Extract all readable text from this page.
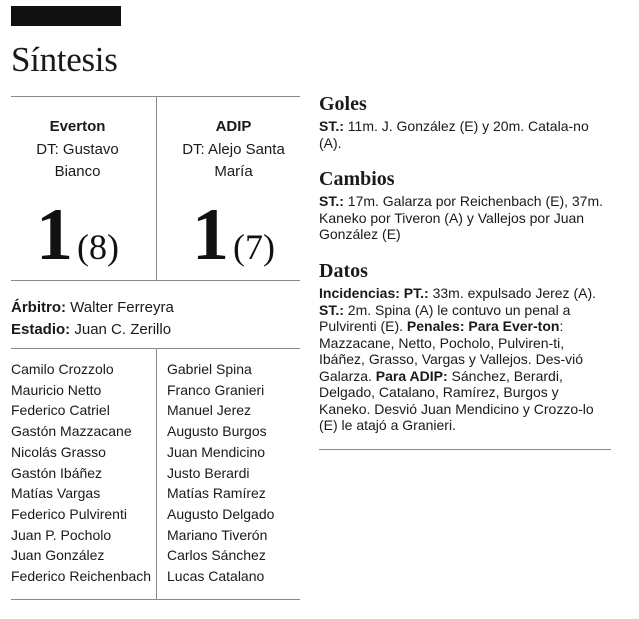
Síntesis
Everton
DT: Gustavo Bianco
ADIP
DT: Alejo Santa María
1 (8) 1 (7)
Árbitro: Walter Ferreyra
Estadio: Juan C. Zerillo
Camilo Crozzolo
Mauricio Netto
Federico Catriel
Gastón Mazzacane
Nicolás Grasso
Gastón Ibáñez
Matías Vargas
Federico Pulvirenti
Juan P. Pocholo
Juan González
Federico Reichenbach
Gabriel Spina
Franco Granieri
Manuel Jerez
Augusto Burgos
Juan Mendicino
Justo Berardi
Matías Ramírez
Augusto Delgado
Mariano Tiverón
Carlos Sánchez
Lucas Catalano
Goles

ST.: 11m. J. González (E) y 20m. Catala-no (A).

Cambios

ST.: 17m. Galarza por Reichenbach (E), 37m. Kaneko por Tiveron (A) y Vallejos por Juan González (E)

Datos

Incidencias: PT.: 33m. expulsado Jerez (A). ST.: 2m. Spina (A) le contuvo un penal a Pulvirenti (E). Penales: Para Ever-ton: Mazzacane, Netto, Pocholo, Pulviren-ti, Ibáñez, Grasso, Vargas y Vallejos. Des-vió Galarza. Para ADIP: Sánchez, Berardi, Delgado, Catalano, Ramírez, Burgos y Kaneko. Desvió Juan Mendicino y Crozzo-lo (E) le atajó a Granieri.
